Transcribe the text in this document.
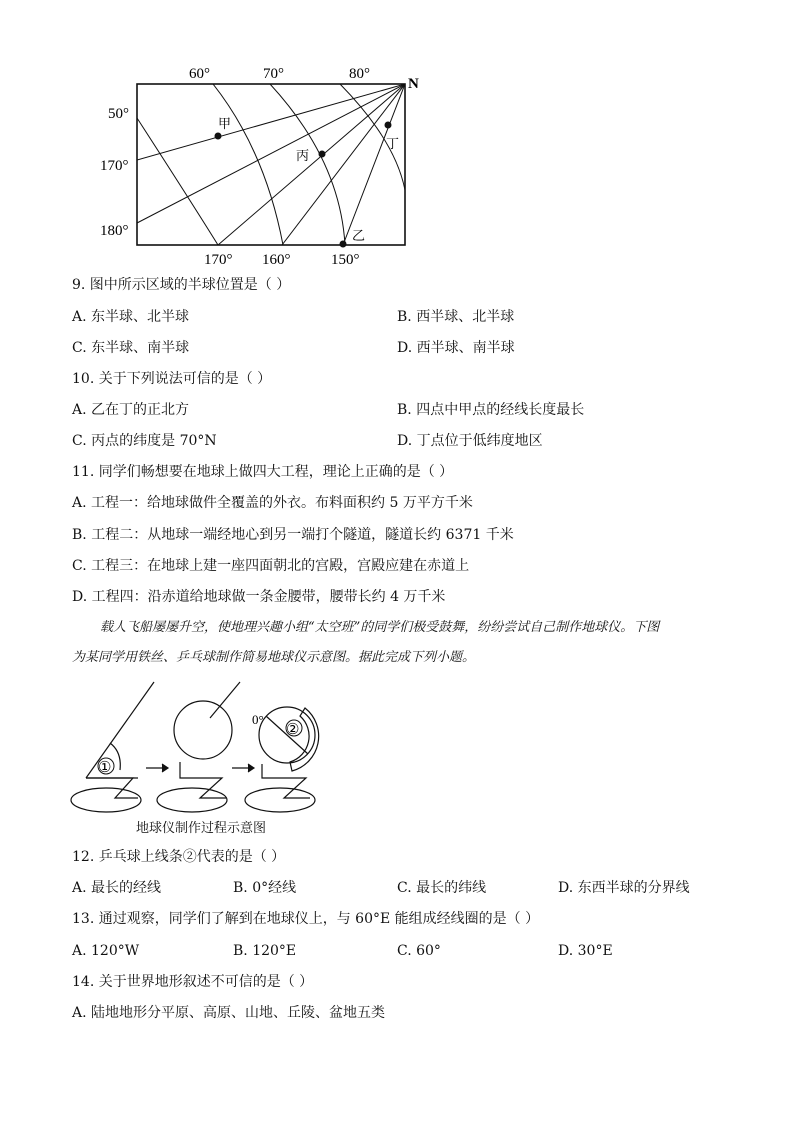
N
60°	70°	80°
50°
170°
180°
170° 160°	150°
甲
丙
丁
乙
9. 图中所示区域的半球位置是（ ）
A. 东半球、北半球	B. 西半球、北半球
C. 东半球、南半球	D. 西半球、南半球
10. 关于下列说法可信的是（ ）
A. 乙在丁的正北方	B. 四点中甲点的经线长度最长
C. 丙点的纬度是 70°N	D. 丁点位于低纬度地区
11. 同学们畅想要在地球上做四大工程，理论上正确的是（ ）
A. 工程一：给地球做件全覆盖的外衣。布料面积约 5 万平方千米
B. 工程二：从地球一端经地心到另一端打个隧道，隧道长约 6371 千米
C. 工程三：在地球上建一座四面朝北的宫殿，宫殿应建在赤道上
D. 工程四：沿赤道给地球做一条金腰带，腰带长约 4 万千米
载人飞船屡屡升空，使地理兴趣小组“太空班”的同学们极受鼓舞，纷纷尝试自己制作地球仪。下图
为某同学用铁丝、乒乓球制作简易地球仪示意图。据此完成下列小题。
①
0°
②
地球仪制作过程示意图
12. 乒乓球上线条②代表的是（ ）
A. 最长的经线	B. 0°经线	C. 最长的纬线	D. 东西半球的分界线
13. 通过观察，同学们了解到在地球仪上，与 60°E 能组成经线圈的是（ ）
A. 120°W	B. 120°E	C. 60°	D. 30°E
14. 关于世界地形叙述不可信的是（ ）
A. 陆地地形分平原、高原、山地、丘陵、盆地五类
